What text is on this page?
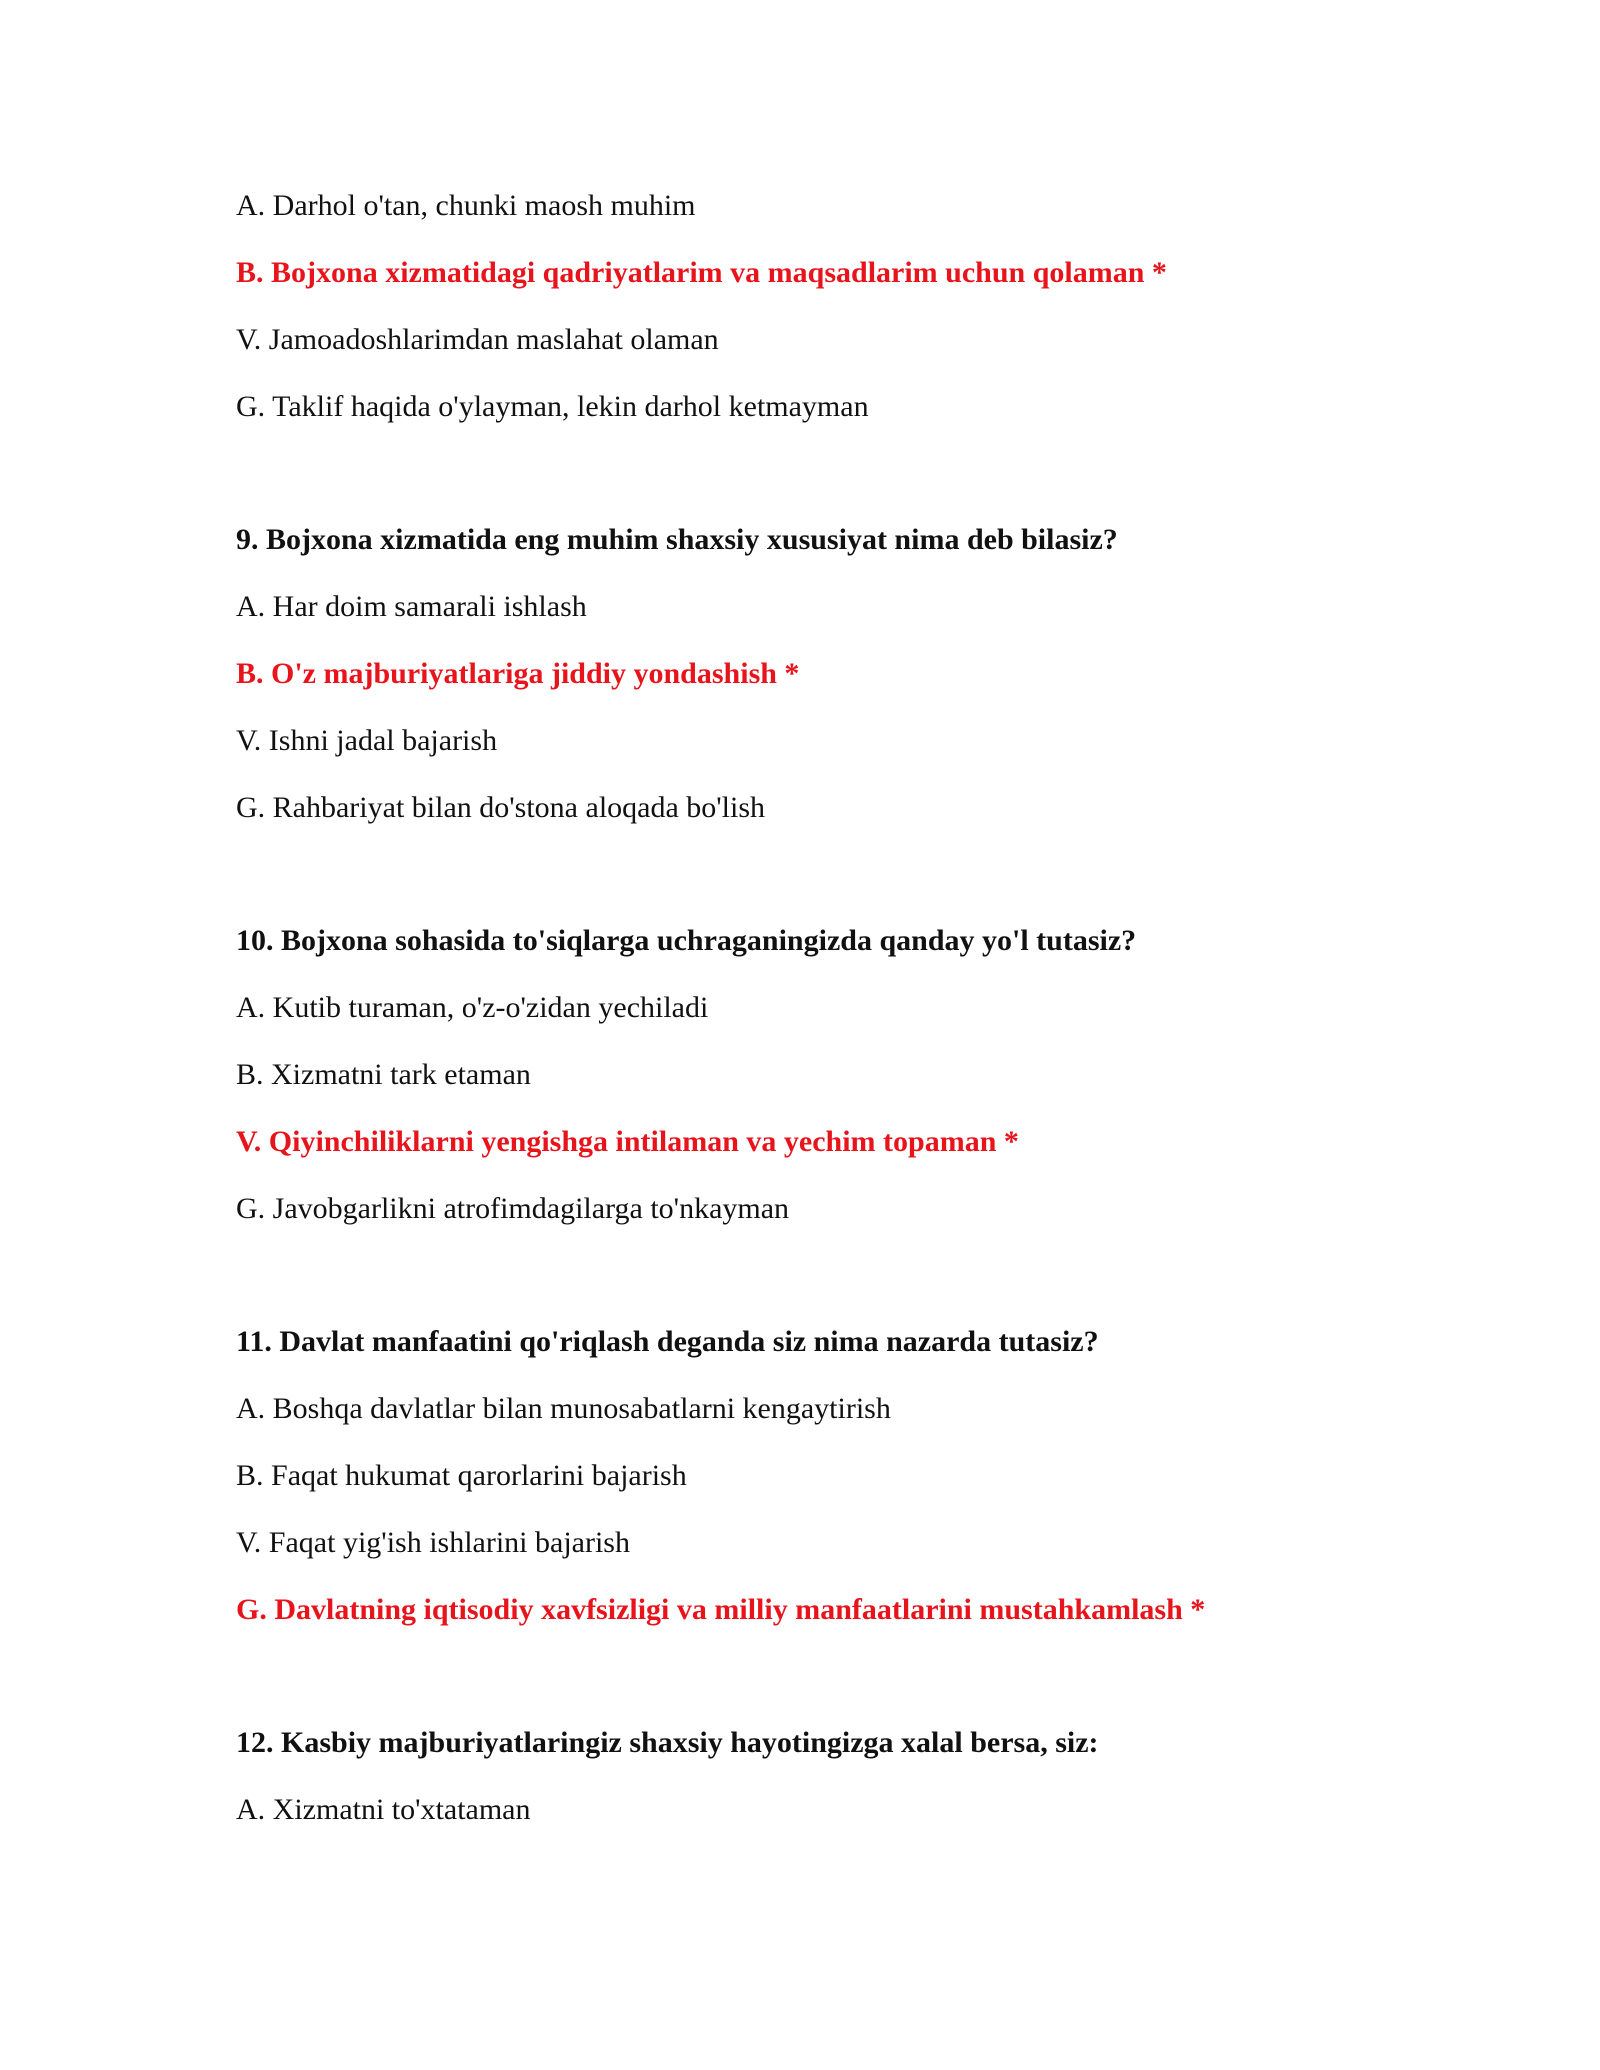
A. Darhol o'tan, chunki maosh muhim
B. Bojxona xizmatidagi qadriyatlarim va maqsadlarim uchun qolaman *
V. Jamoadoshlarimdan maslahat olaman
G. Taklif haqida o'ylayman, lekin darhol ketmayman
9. Bojxona xizmatida eng muhim shaxsiy xususiyat nima deb bilasiz?
A. Har doim samarali ishlash
B. O'z majburiyatlariga jiddiy yondashish *
V. Ishni jadal bajarish
G. Rahbariyat bilan do'stona aloqada bo'lish
10. Bojxona sohasida to'siqlarga uchraganingizda qanday yo'l tutasiz?
A. Kutib turaman, o'z-o'zidan yechiladi
B. Xizmatni tark etaman
V. Qiyinchiliklarni yengishga intilaman va yechim topaman *
G. Javobgarlikni atrofimdagilarga to'nkayman
11. Davlat manfaatini qo'riqlash deganda siz nima nazarda tutasiz?
A. Boshqa davlatlar bilan munosabatlarni kengaytirish
B. Faqat hukumat qarorlarini bajarish
V. Faqat yig'ish ishlarini bajarish
G. Davlatning iqtisodiy xavfsizligi va milliy manfaatlarini mustahkamlash *
12. Kasbiy majburiyatlaringiz shaxsiy hayotingizga xalal bersa, siz:
A. Xizmatni to'xtataman
